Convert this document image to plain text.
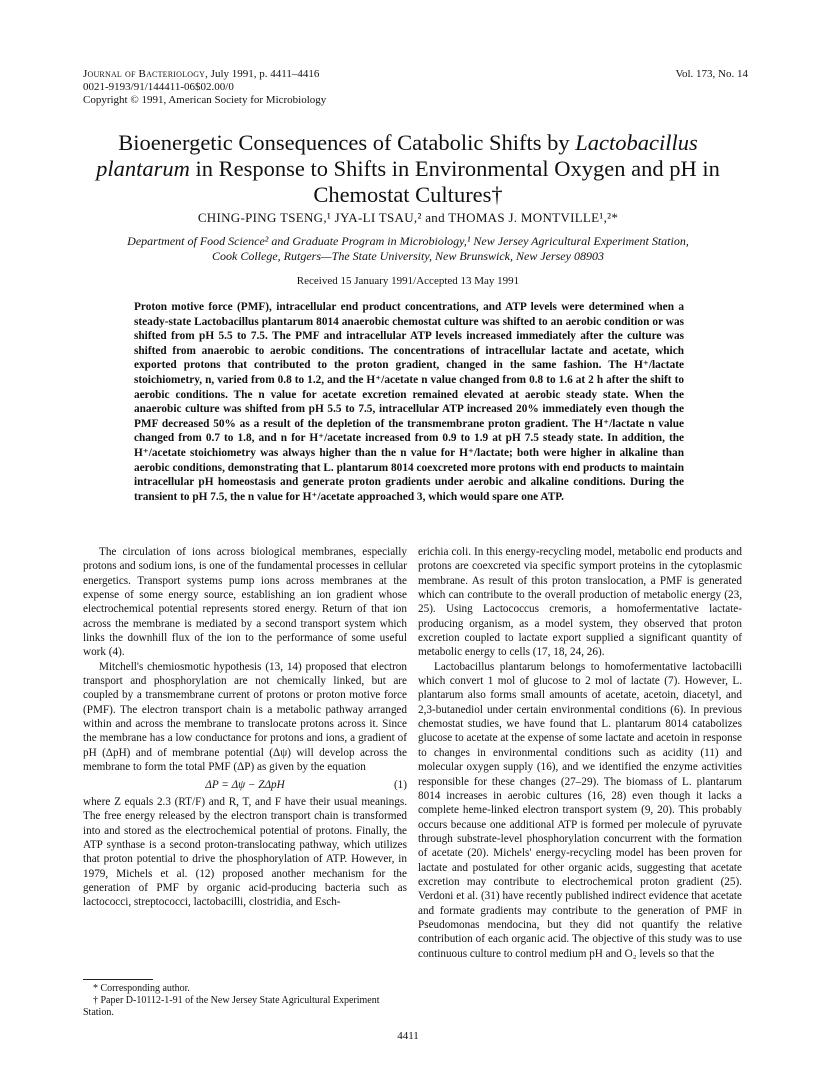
Journal of Bacteriology, July 1991, p. 4411–4416
0021-9193/91/144411-06$02.00/0
Copyright © 1991, American Society for Microbiology
Vol. 173, No. 14
Bioenergetic Consequences of Catabolic Shifts by Lactobacillus plantarum in Response to Shifts in Environmental Oxygen and pH in Chemostat Cultures†
CHING-PING TSENG,¹ JYA-LI TSAU,² and THOMAS J. MONTVILLE¹,²*
Department of Food Science² and Graduate Program in Microbiology,¹ New Jersey Agricultural Experiment Station,
Cook College, Rutgers—The State University, New Brunswick, New Jersey 08903
Received 15 January 1991/Accepted 13 May 1991
Proton motive force (PMF), intracellular end product concentrations, and ATP levels were determined when a steady-state Lactobacillus plantarum 8014 anaerobic chemostat culture was shifted to an aerobic condition or was shifted from pH 5.5 to 7.5. The PMF and intracellular ATP levels increased immediately after the culture was shifted from anaerobic to aerobic conditions. The concentrations of intracellular lactate and acetate, which exported protons that contributed to the proton gradient, changed in the same fashion. The H⁺/lactate stoichiometry, n, varied from 0.8 to 1.2, and the H⁺/acetate n value changed from 0.8 to 1.6 at 2 h after the shift to aerobic conditions. The n value for acetate excretion remained elevated at aerobic steady state. When the anaerobic culture was shifted from pH 5.5 to 7.5, intracellular ATP increased 20% immediately even though the PMF decreased 50% as a result of the depletion of the transmembrane proton gradient. The H⁺/lactate n value changed from 0.7 to 1.8, and n for H⁺/acetate increased from 0.9 to 1.9 at pH 7.5 steady state. In addition, the H⁺/acetate stoichiometry was always higher than the n value for H⁺/lactate; both were higher in alkaline than aerobic conditions, demonstrating that L. plantarum 8014 coexcreted more protons with end products to maintain intracellular pH homeostasis and generate proton gradients under aerobic and alkaline conditions. During the transient to pH 7.5, the n value for H⁺/acetate approached 3, which would spare one ATP.

The circulation of ions across biological membranes, especially protons and sodium ions, is one of the fundamental processes in cellular energetics. Transport systems pump ions across membranes at the expense of some energy source, establishing an ion gradient whose electrochemical potential represents stored energy. Return of that ion across the membrane is mediated by a second transport system which links the downhill flux of the ion to the performance of some useful work (4).

Mitchell's chemiosmotic hypothesis (13, 14) proposed that electron transport and phosphorylation are not chemically linked, but are coupled by a transmembrane current of protons or proton motive force (PMF). The electron transport chain is a metabolic pathway arranged within and across the membrane to translocate protons across it. Since the membrane has a low conductance for protons and ions, a gradient of pH (ΔpH) and of membrane potential (Δψ) will develop across the membrane to form the total PMF (ΔP) as given by the equation

ΔP = Δψ − ZΔpH	(1)

where Z equals 2.3 (RT/F) and R, T, and F have their usual meanings. The free energy released by the electron transport chain is transformed into and stored as the electrochemical potential of protons. Finally, the ATP synthase is a second proton-translocating pathway, which utilizes that proton potential to drive the phosphorylation of ATP. However, in 1979, Michels et al. (12) proposed another mechanism for the generation of PMF by organic acid-producing bacteria such as lactococci, streptococci, lactobacilli, clostridia, and Esch-

erichia coli. In this energy-recycling model, metabolic end products and protons are coexcreted via specific symport proteins in the cytoplasmic membrane. As result of this proton translocation, a PMF is generated which can contribute to the overall production of metabolic energy (23, 25). Using Lactococcus cremoris, a homofermentative lactate-producing organism, as a model system, they observed that proton excretion coupled to lactate export supplied a significant quantity of metabolic energy to cells (17, 18, 24, 26).

Lactobacillus plantarum belongs to homofermentative lactobacilli which convert 1 mol of glucose to 2 mol of lactate (7). However, L. plantarum also forms small amounts of acetate, acetoin, diacetyl, and 2,3-butanediol under certain environmental conditions (6). In previous chemostat studies, we have found that L. plantarum 8014 catabolizes glucose to acetate at the expense of some lactate and acetoin in response to changes in environmental conditions such as acidity (11) and molecular oxygen supply (16), and we identified the enzyme activities responsible for these changes (27–29). The biomass of L. plantarum 8014 increases in aerobic cultures (16, 28) even though it lacks a complete heme-linked electron transport system (9, 20). This probably occurs because one additional ATP is formed per molecule of pyruvate through substrate-level phosphorylation concurrent with the formation of acetate (20). Michels' energy-recycling model has been proven for lactate and postulated for other organic acids, suggesting that acetate excretion may contribute to electrochemical proton gradient (25). Verdoni et al. (31) have recently published indirect evidence that acetate and formate gradients may contribute to the generation of PMF in Pseudomonas mendocina, but they did not quantify the relative contribution of each organic acid. The objective of this study was to use continuous culture to control medium pH and O₂ levels so that the

* Corresponding author.
† Paper D-10112-1-91 of the New Jersey State Agricultural Experiment Station.
4411
